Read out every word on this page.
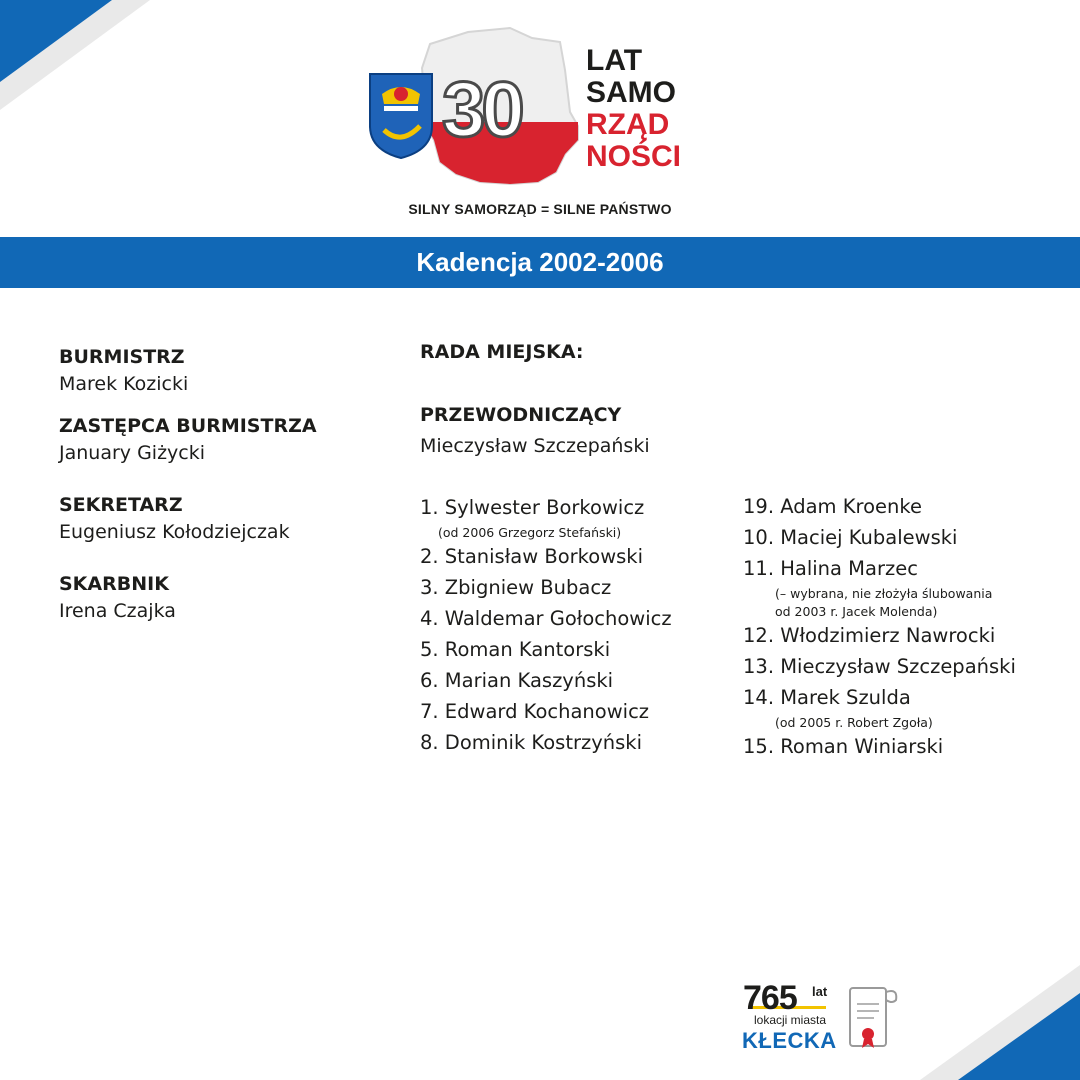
30
LAT
SAMO
RZĄD
NOŚCI
SILNY SAMORZĄD = SILNE PAŃSTWO
Kadencja 2002-2006
BURMISTRZ
Marek Kozicki
ZASTĘPCA BURMISTRZA
January Giżycki
SEKRETARZ
Eugeniusz Kołodziejczak
SKARBNIK
Irena Czajka
RADA MIEJSKA:
PRZEWODNICZĄCY
Mieczysław Szczepański
1. Sylwester Borkowicz
(od 2006 Grzegorz Stefański)
2. Stanisław Borkowski
3. Zbigniew Bubacz
4. Waldemar Gołochowicz
5. Roman Kantorski
6. Marian Kaszyński
7. Edward Kochanowicz
8. Dominik Kostrzyński
19. Adam Kroenke
10. Maciej Kubalewski
11. Halina Marzec
(– wybrana, nie złożyła ślubowania
od 2003 r. Jacek Molenda)
12. Włodzimierz Nawrocki
13. Mieczysław Szczepański
14. Marek Szulda
(od 2005 r. Robert Zgoła)
15. Roman Winiarski
765 lat
lokacji miasta
KŁECKA
